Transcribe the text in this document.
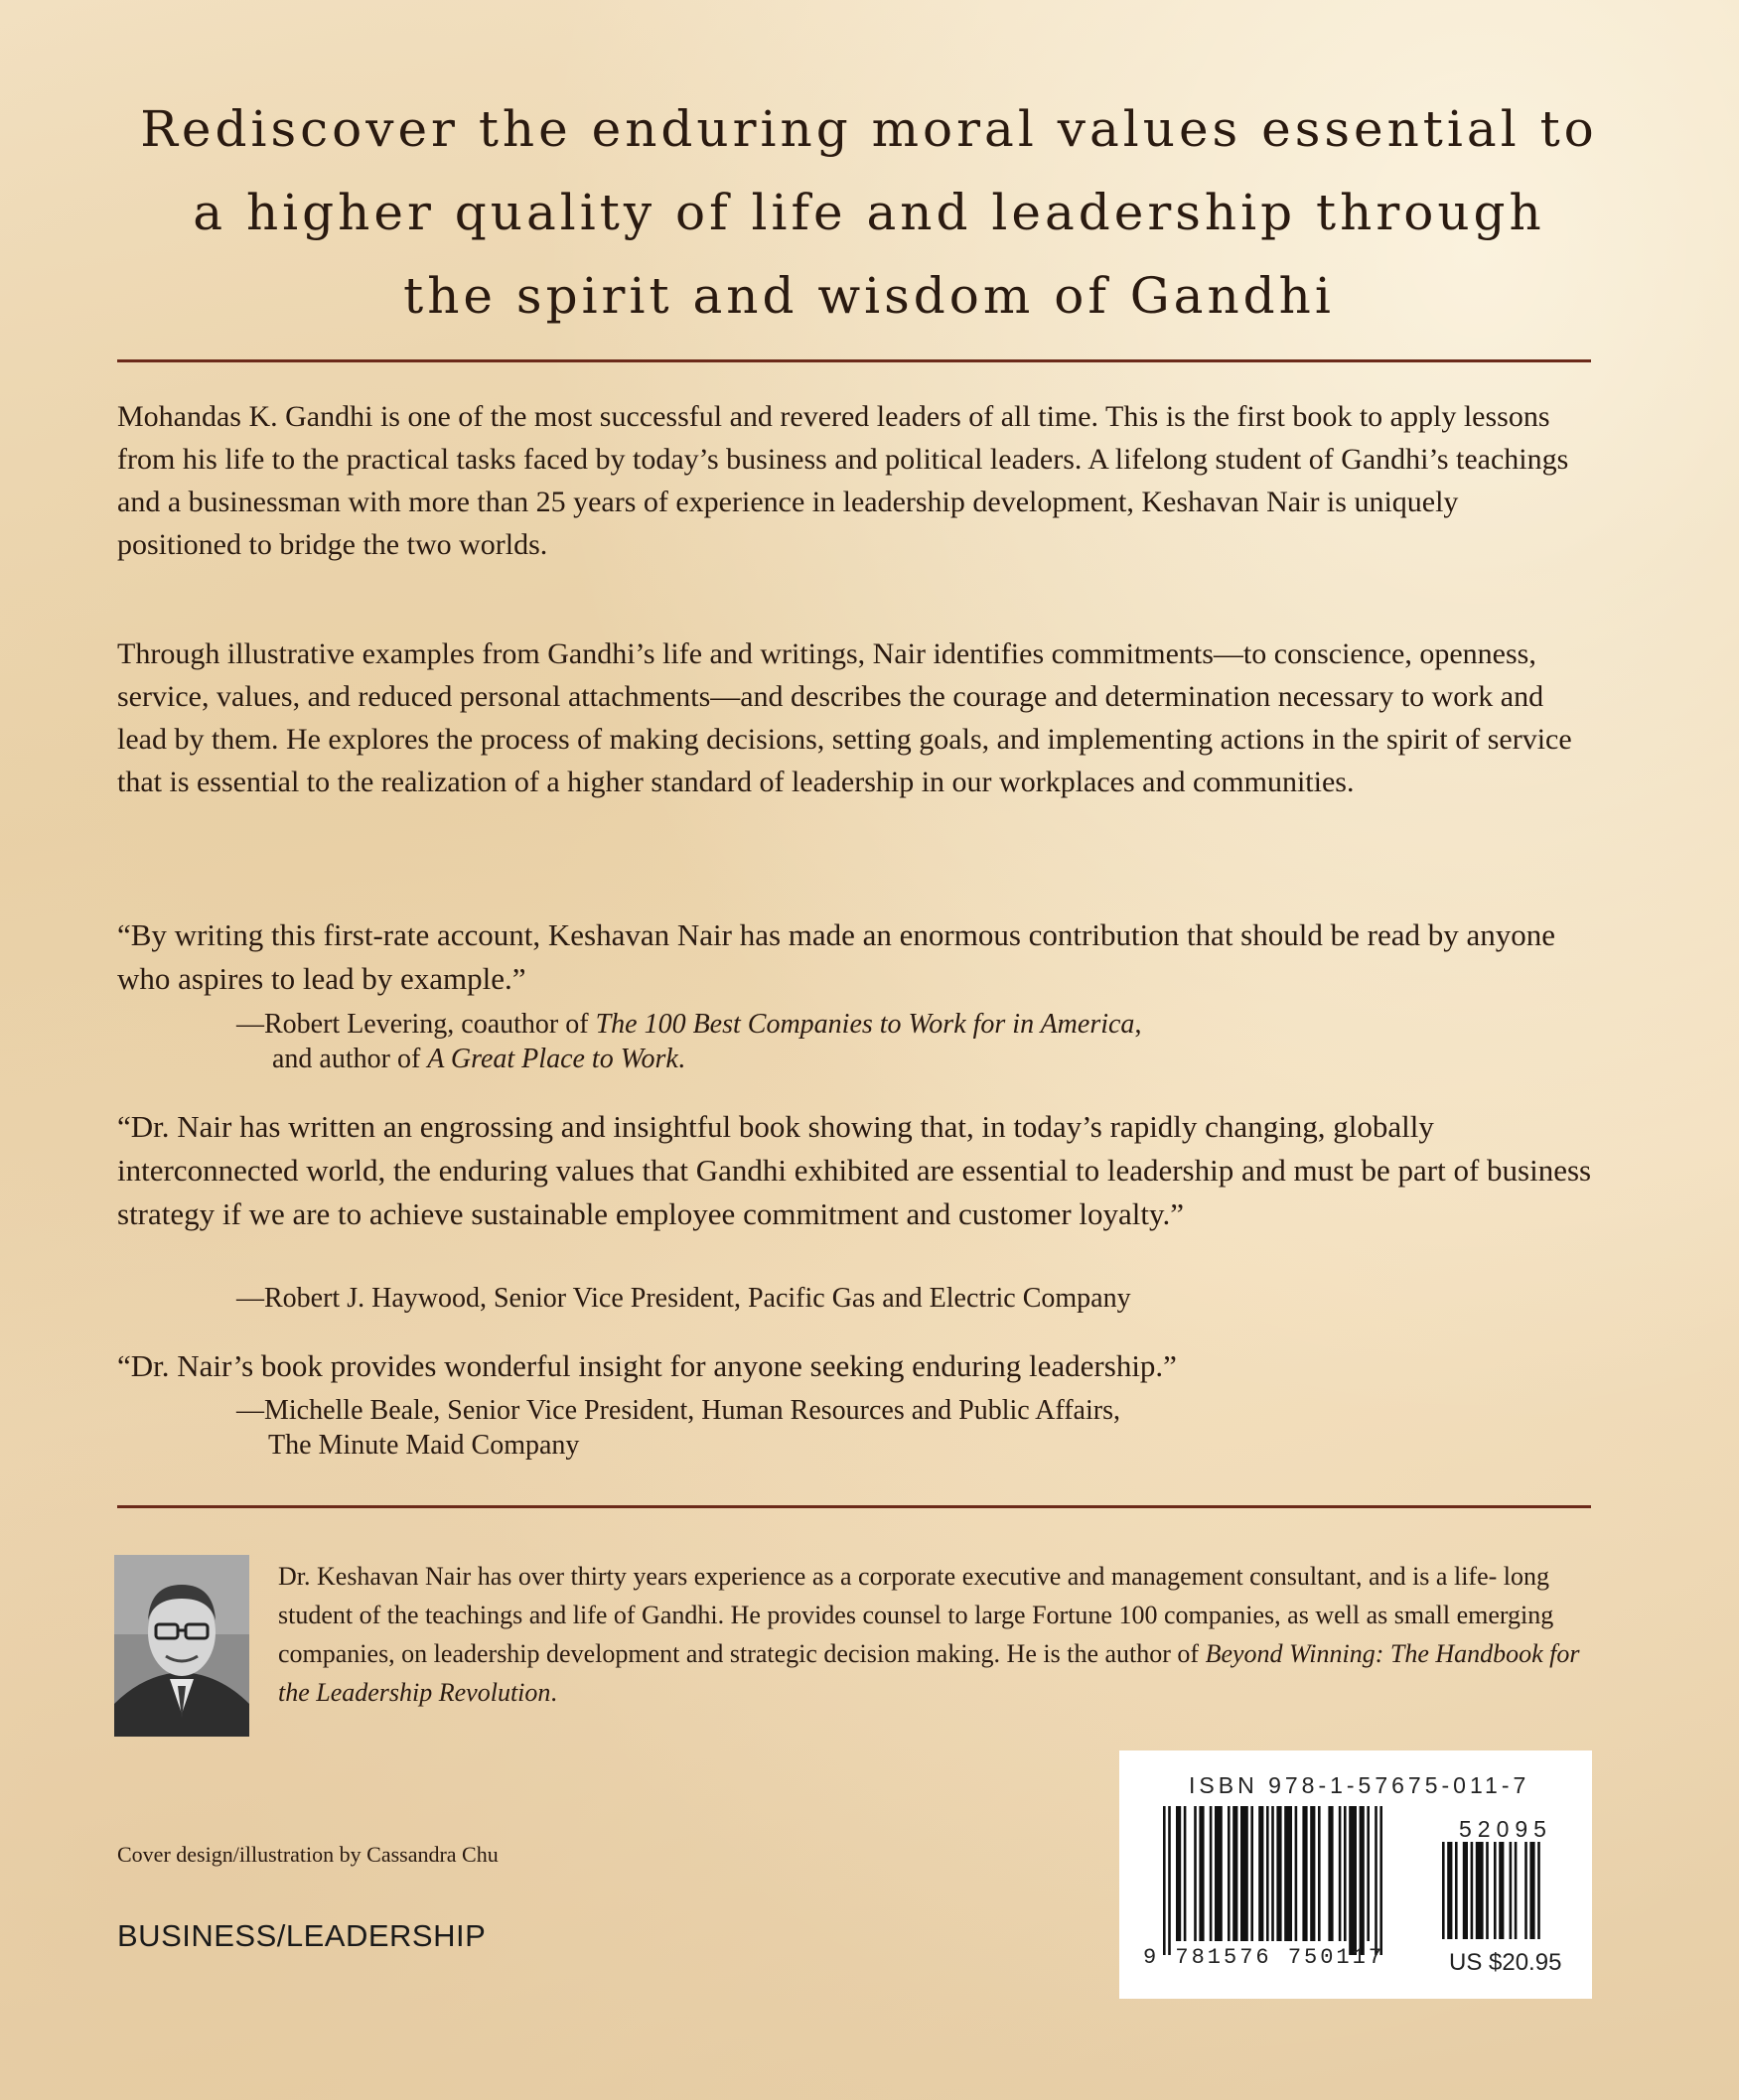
Rediscover the enduring moral values essential to
a higher quality of life and leadership through
the spirit and wisdom of Gandhi

Mohandas K. Gandhi is one of the most successful and revered leaders of all time. This is the first book to apply lessons from his life to the practical tasks faced by today’s business and political leaders. A lifelong student of Gandhi’s teachings and a businessman with more than 25 years of experience in leadership development, Keshavan Nair is uniquely positioned to bridge the two worlds.

Through illustrative examples from Gandhi’s life and writings, Nair identifies commitments—to conscience, openness, service, values, and reduced personal attachments—and describes the courage and determination necessary to work and lead by them. He explores the process of making decisions, setting goals, and implementing actions in the spirit of service that is essential to the realization of a higher standard of leadership in our workplaces and communities.

“By writing this first-rate account, Keshavan Nair has made an enormous contribution that should be read by anyone who aspires to lead by example.”

—Robert Levering, coauthor of The 100 Best Companies to Work for in America,
and author of A Great Place to Work.

“Dr. Nair has written an engrossing and insightful book showing that, in today’s rapidly changing, globally interconnected world, the enduring values that Gandhi exhibited are essential to leadership and must be part of business strategy if we are to achieve sustainable employee commitment and customer loyalty.”

—Robert J. Haywood, Senior Vice President, Pacific Gas and Electric Company

“Dr. Nair’s book provides wonderful insight for anyone seeking enduring leadership.”

—Michelle Beale, Senior Vice President, Human Resources and Public Affairs,
The Minute Maid Company

Dr. Keshavan Nair has over thirty years experience as a corporate executive and management consultant, and is a life- long student of the teachings and life of Gandhi. He provides counsel to large Fortune 100 companies, as well as small emerging companies, on leadership development and strategic decision making. He is the author of Beyond Winning: The Handbook for the Leadership Revolution.

Cover design/illustration by Cassandra Chu

BUSINESS/LEADERSHIP

ISBN 978-1-57675-011-7
52095
9 781576 750117	US $20.95
